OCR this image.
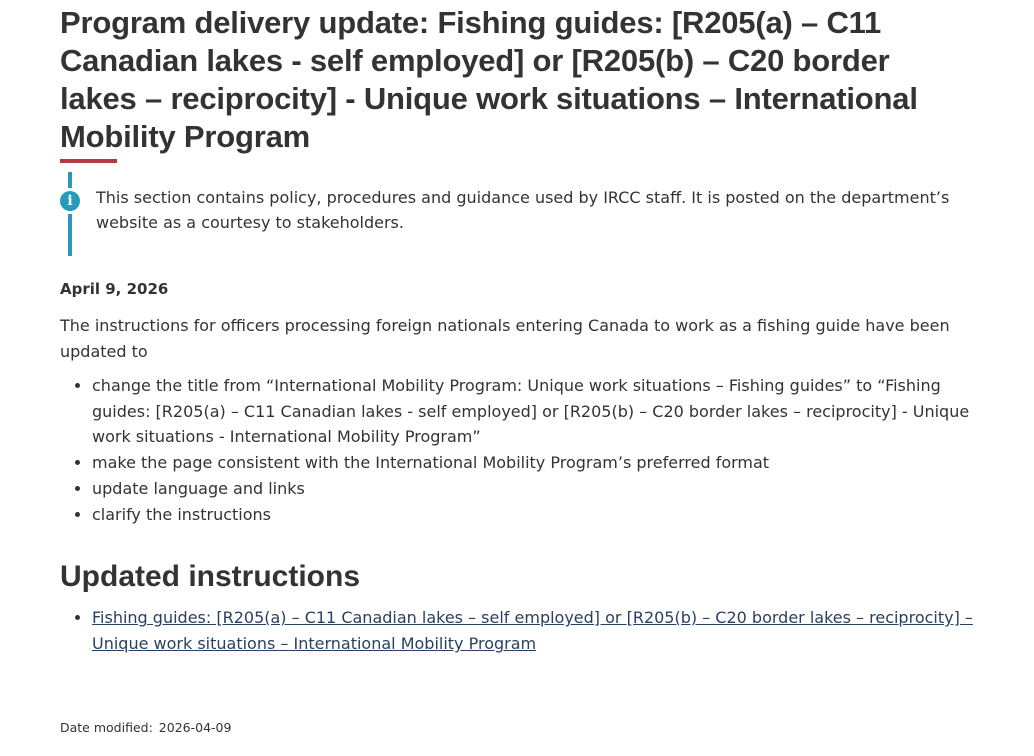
Program delivery update: Fishing guides: [R205(a) – C11 Canadian lakes - self employed] or [R205(b) – C20 border lakes – reciprocity] - Unique work situations – International Mobility Program
i	This section contains policy, procedures and guidance used by IRCC staff. It is posted on the department’s website as a courtesy to stakeholders.

April 9, 2026

The instructions for officers processing foreign nationals entering Canada to work as a fishing guide have been updated to

• change the title from “International Mobility Program: Unique work situations – Fishing guides” to “Fishing guides: [R205(a) – C11 Canadian lakes - self employed] or [R205(b) – C20 border lakes – reciprocity] - Unique work situations - International Mobility Program”
• make the page consistent with the International Mobility Program’s preferred format
• update language and links
• clarify the instructions
Updated instructions
• Fishing guides: [R205(a) – C11 Canadian lakes – self employed] or [R205(b) – C20 border lakes – reciprocity] – Unique work situations – International Mobility Program
Date modified: 2026-04-09
